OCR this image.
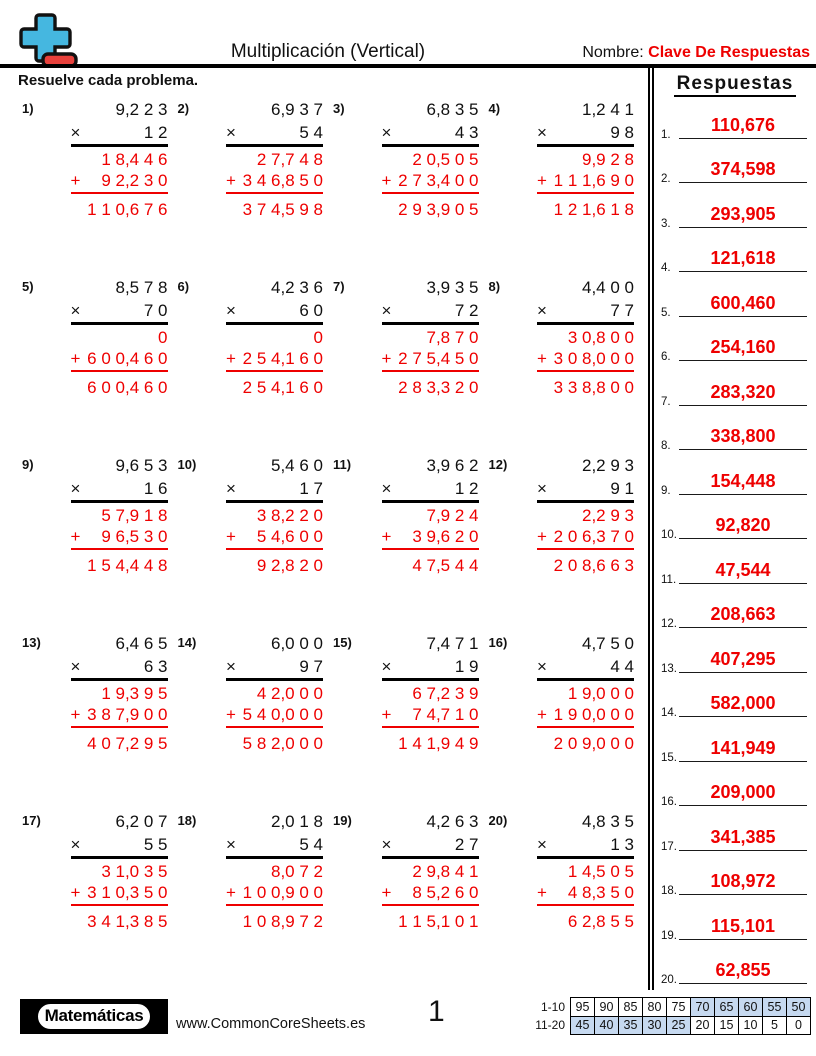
Multiplicación (Vertical)	Nombre: Clave De Respuestas
Resuelve cada problema.
1)	9,2 2 3
×	1 2
1 8,4 4 6
+ 9 2,2 3 0
1 1 0,6 7 6
2)	6,9 3 7
×	5 4
2 7,7 4 8
+ 3 4 6,8 5 0
3 7 4,5 9 8
3)	6,8 3 5
×	4 3
2 0,5 0 5
+ 2 7 3,4 0 0
2 9 3,9 0 5
4)	1,2 4 1
×	9 8
9,9 2 8
+ 1 1 1,6 9 0
1 2 1,6 1 8
5)	8,5 7 8
×	7 0
0
+ 6 0 0,4 6 0
6 0 0,4 6 0
6)	4,2 3 6
×	6 0
0
+ 2 5 4,1 6 0
2 5 4,1 6 0
7)	3,9 3 5
×	7 2
7,8 7 0
+ 2 7 5,4 5 0
2 8 3,3 2 0
8)	4,4 0 0
×	7 7
3 0,8 0 0
+ 3 0 8,0 0 0
3 3 8,8 0 0
9)	9,6 5 3
×	1 6
5 7,9 1 8
+ 9 6,5 3 0
1 5 4,4 4 8
10)	5,4 6 0
×	1 7
3 8,2 2 0
+ 5 4,6 0 0
9 2,8 2 0
11)	3,9 6 2
×	1 2
7,9 2 4
+ 3 9,6 2 0
4 7,5 4 4
12)	2,2 9 3
×	9 1
2,2 9 3
+ 2 0 6,3 7 0
2 0 8,6 6 3
13)	6,4 6 5
×	6 3
1 9,3 9 5
+ 3 8 7,9 0 0
4 0 7,2 9 5
14)	6,0 0 0
×	9 7
4 2,0 0 0
+ 5 4 0,0 0 0
5 8 2,0 0 0
15)	7,4 7 1
×	1 9
6 7,2 3 9
+ 7 4,7 1 0
1 4 1,9 4 9
16)	4,7 5 0
×	4 4
1 9,0 0 0
+ 1 9 0,0 0 0
2 0 9,0 0 0
17)	6,2 0 7
×	5 5
3 1,0 3 5
+ 3 1 0,3 5 0
3 4 1,3 8 5
18)	2,0 1 8
×	5 4
8,0 7 2
+ 1 0 0,9 0 0
1 0 8,9 7 2
19)	4,2 6 3
×	2 7
2 9,8 4 1
+ 8 5,2 6 0
1 1 5,1 0 1
20)	4,8 3 5
×	1 3
1 4,5 0 5
+ 4 8,3 5 0
6 2,8 5 5
Respuestas
1.	110,676
2.	374,598
3.	293,905
4.	121,618
5.	600,460
6.	254,160
7.	283,320
8.	338,800
9.	154,448
10.	92,820
11.	47,544
12.	208,663
13.	407,295
14.	582,000
15.	141,949
16.	209,000
17.	341,385
18.	108,972
19.	115,101
20.	62,855
Matemáticas	www.CommonCoreSheets.es 1	1-10	95	90	85	80	75	70	65	60	55	50
11-20	45	40	35	30	25	20	15	10	5	0
